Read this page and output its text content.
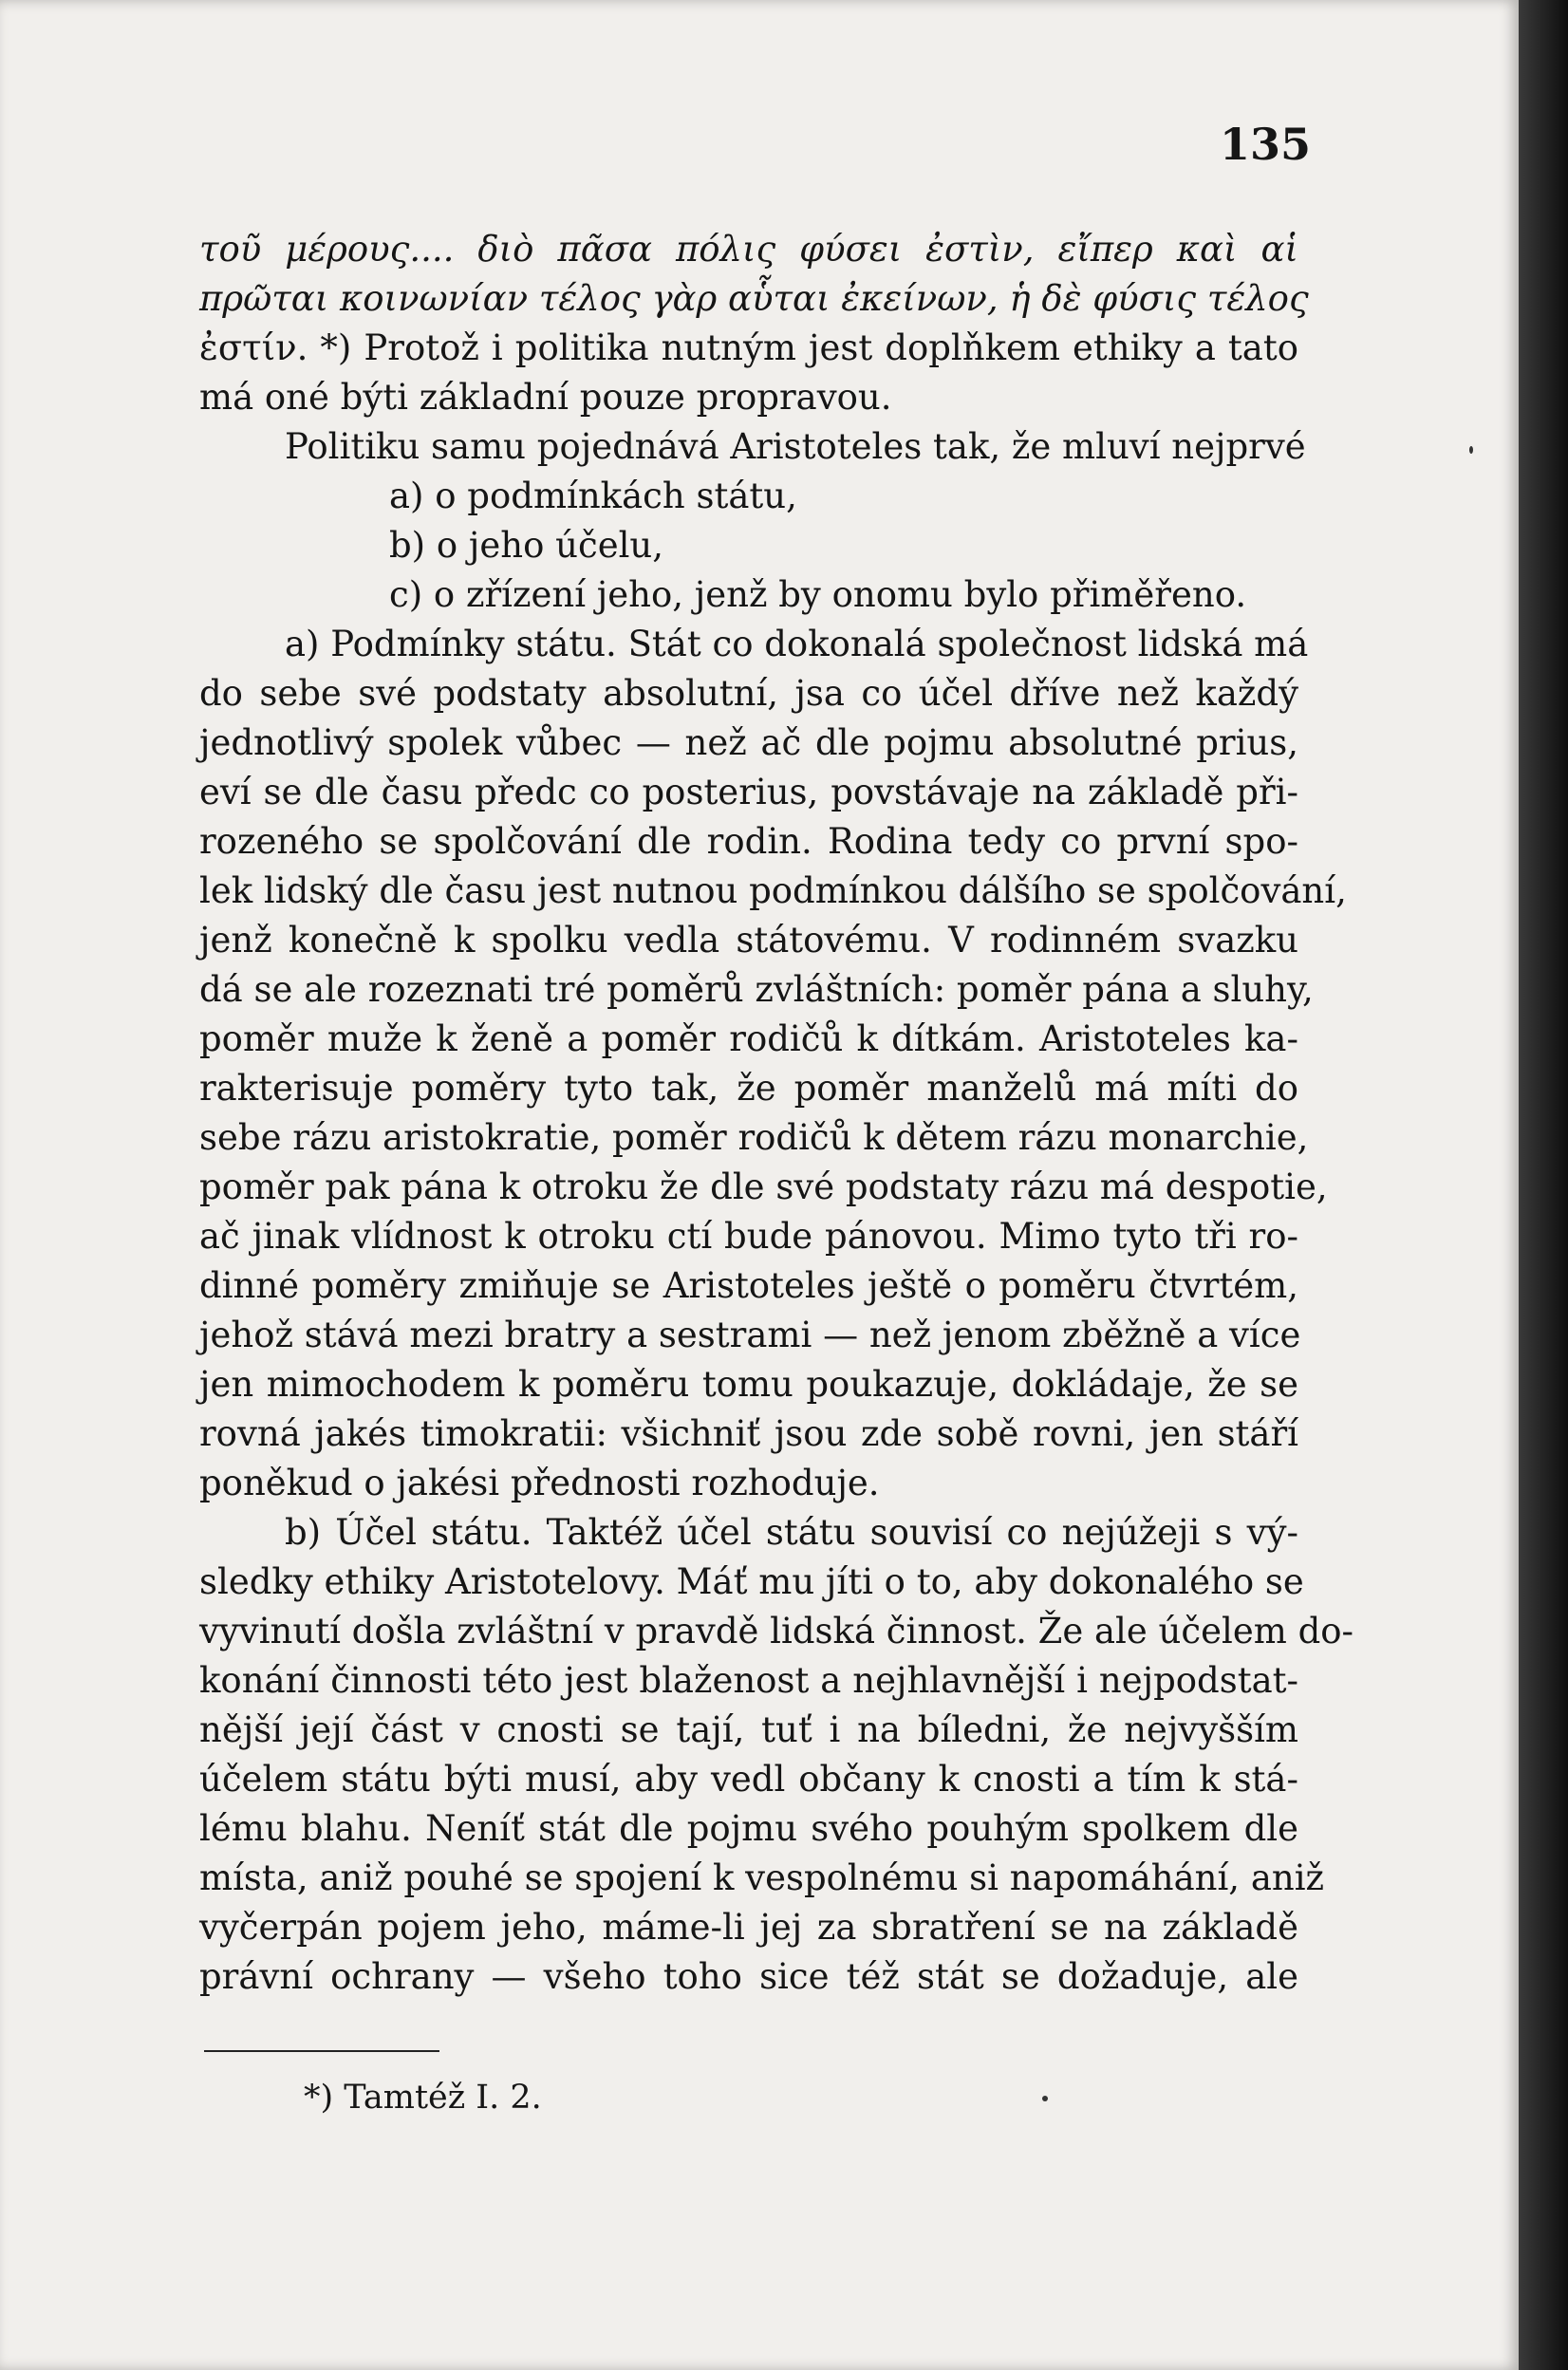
135
τοῦ μέρους.... διὸ πᾶσα πόλις φύσει ἐστὶν, εἴπερ καὶ αἱ
πρῶται κοινωνίαν τέλος γὰρ αὗται ἐκείνων, ἡ δὲ φύσις τέλος
ἐστίν. *) Protož i politika nutným jest doplňkem ethiky a tato
má oné býti základní pouze propravou.
Politiku samu pojednává Aristoteles tak, že mluví nejprvé
a) o podmínkách státu,
b) o jeho účelu,
c) o zřízení jeho, jenž by onomu bylo přiměřeno.
a) Podmínky státu. Stát co dokonalá společnost lidská má
do sebe své podstaty absolutní, jsa co účel dříve než každý
jednotlivý spolek vůbec — než ač dle pojmu absolutné prius,
eví se dle času předc co posterius, povstávaje na základě při-
rozeného se spolčování dle rodin. Rodina tedy co první spo-
lek lidský dle času jest nutnou podmínkou dálšího se spolčování,
jenž konečně k spolku vedla státovému. V rodinném svazku
dá se ale rozeznati tré poměrů zvláštních: poměr pána a sluhy,
poměr muže k ženě a poměr rodičů k dítkám. Aristoteles ka-
rakterisuje poměry tyto tak, že poměr manželů má míti do
sebe rázu aristokratie, poměr rodičů k dětem rázu monarchie,
poměr pak pána k otroku že dle své podstaty rázu má despotie,
ač jinak vlídnost k otroku ctí bude pánovou. Mimo tyto tři ro-
dinné poměry zmiňuje se Aristoteles ještě o poměru čtvrtém,
jehož stává mezi bratry a sestrami — než jenom zběžně a více
jen mimochodem k poměru tomu poukazuje, dokládaje, že se
rovná jakés timokratii: všichniť jsou zde sobě rovni, jen stáří
poněkud o jakési přednosti rozhoduje.
b) Účel státu. Taktéž účel státu souvisí co nejúžeji s vý-
sledky ethiky Aristotelovy. Máť mu jíti o to, aby dokonalého se
vyvinutí došla zvláštní v pravdě lidská činnost. Že ale účelem do-
konání činnosti této jest blaženost a nejhlavnější i nejpodstat-
nější její část v cnosti se tají, tuť i na bíledni, že nejvyšším
účelem státu býti musí, aby vedl občany k cnosti a tím k stá-
lému blahu. Neníť stát dle pojmu svého pouhým spolkem dle
místa, aniž pouhé se spojení k vespolnému si napomáhání, aniž
vyčerpán pojem jeho, máme-li jej za sbratření se na základě
právní ochrany — všeho toho sice též stát se dožaduje, ale
*) Tamtéž I. 2.
